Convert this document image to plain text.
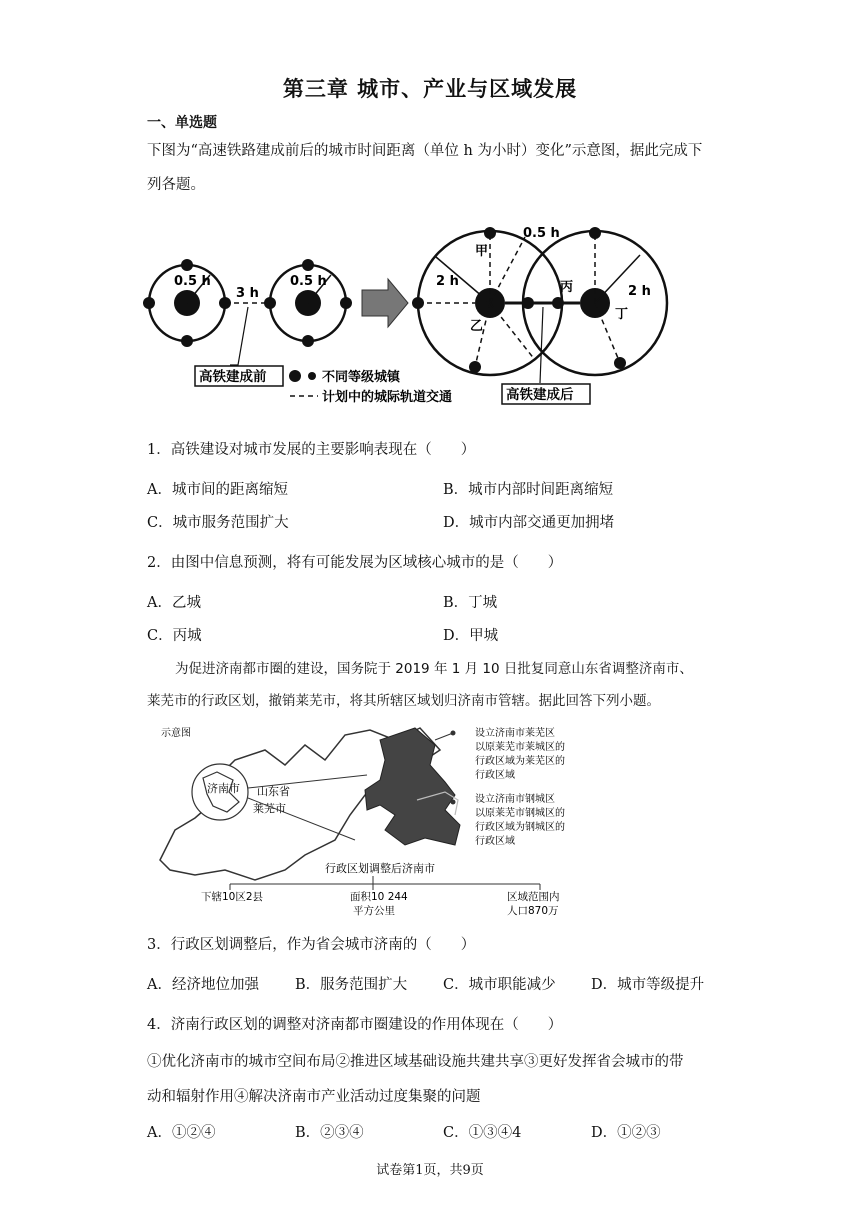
第三章 城市、产业与区域发展
一、单选题
下图为“高速铁路建成前后的城市时间距离（单位 h 为小时）变化”示意图，据此完成下
列各题。
0.5 h	0.5 h
3 h
甲
乙
丙
丁
2 h
2 h
0.5 h
高铁建成前	不同等级城镇
计划中的城际轨道交通	高铁建成后
1．高铁建设对城市发展的主要影响表现在（　　）
A．城市间的距离缩短	B．城市内部时间距离缩短
C．城市服务范围扩大	D．城市内部交通更加拥堵
2．由图中信息预测，将有可能发展为区域核心城市的是（　　）
A．乙城	B．丁城
C．丙城	D．甲城
为促进济南都市圈的建设，国务院于 2019 年 1 月 10 日批复同意山东省调整济南市、
莱芜市的行政区划，撤销莱芜市，将其所辖区域划归济南市管辖。据此回答下列小题。
示意图
济南市 山东省
莱芜市
设立济南市莱芜区 以原莱芜市莱城区的 行政区域为莱芜区的 行政区域
设立济南市钢城区 以原莱芜市钢城区的 行政区域为钢城区的 行政区域
行政区划调整后济南市
下辖10区2县	面积10 244
平方公里
区域范围内
人口870万
3．行政区划调整后，作为省会城市济南的（　　）
A．经济地位加强 B．服务范围扩大 C．城市职能减少 D．城市等级提升
4．济南行政区划的调整对济南都市圈建设的作用体现在（　　）
①优化济南市的城市空间布局②推进区域基础设施共建共享③更好发挥省会城市的带
动和辐射作用④解决济南市产业活动过度集聚的问题
A．①②④	B．②③④	C．①③④4	D．①②③
试卷第1页，共9页
